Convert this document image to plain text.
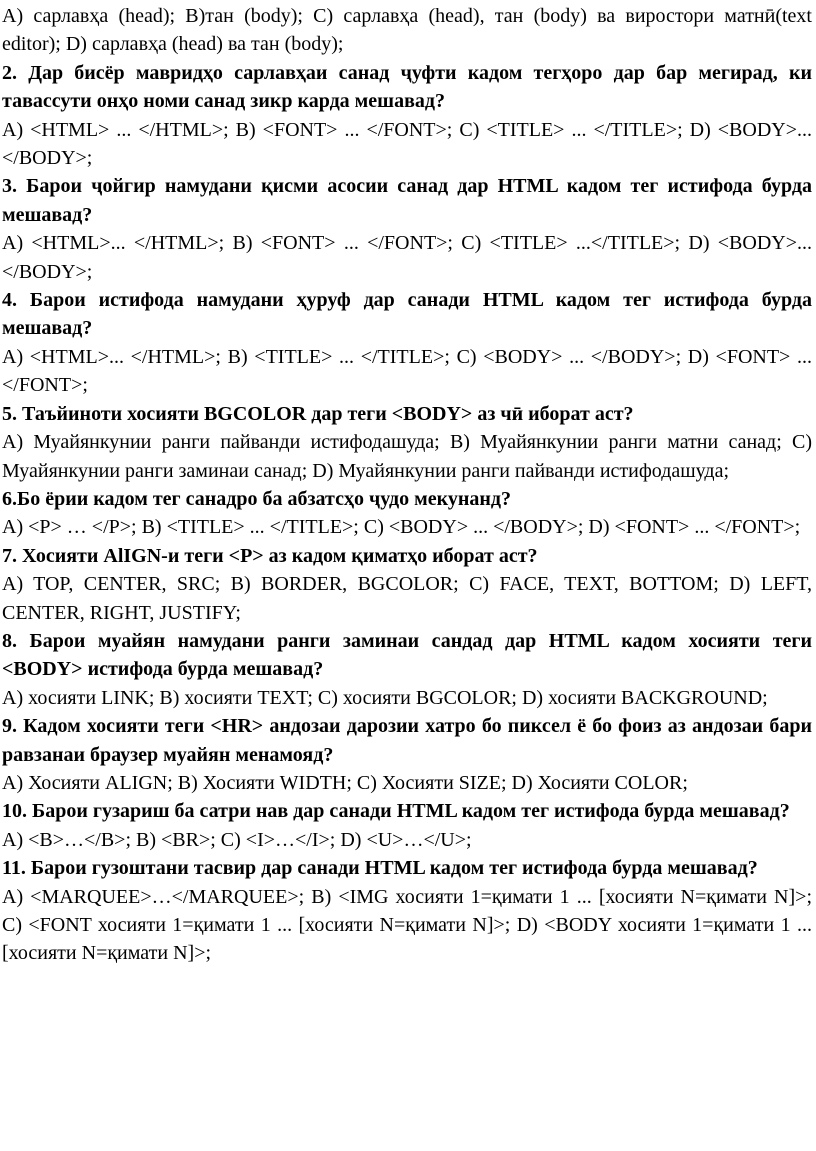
A) сарлавҳа (head); B)тан (body); C) сарлавҳа (head), тан (body) ва виростори матнӣ(text editor); D) сарлавҳа (head) ва тан (body);

2. Дар бисёр мавридҳо сарлавҳаи санад ҷуфти кадом тегҳоро дар бар мегирад, ки тавассути онҳо номи санад зикр карда мешавад?

A) <HTML> ... </HTML>; B) <FONT> ... </FONT>; C) <TITLE> ... </TITLE>; D) <BODY>... </BODY>;

3. Барои ҷойгир намудани қисми асосии санад дар HTML кадом тег истифода бурда мешавад?

A) <HTML>... </HTML>; B) <FONT> ... </FONT>; C) <TITLE> ...</TITLE>; D) <BODY>... </BODY>;

4. Барои истифода намудани ҳуруф дар санади HTML кадом тег истифода бурда мешавад?

A) <HTML>... </HTML>; B) <TITLE> ... </TITLE>; C) <BODY> ... </BODY>; D) <FONT> ... </FONT>;

5. Таъйиноти хосияти BGCOLOR дар теги <BODY> аз чӣ иборат аст?

A) Муайянкунии ранги пайванди истифодашуда; B) Муайянкунии ранги матни санад; C) Муайянкунии ранги заминаи санад; D) Муайянкунии ранги пайванди истифодашуда;

6.Бо ёрии кадом тег санадро ба абзатсҳо ҷудо мекунанд?

A) <P> … </P>; B) <TITLE> ... </TITLE>; C) <BODY> ... </BODY>; D) <FONT> ... </FONT>;

7. Хосияти AlIGN-и теги <P> аз кадом қиматҳо иборат аст?

A) TOP, CENTER, SRC; B) BORDER, BGCOLOR; C) FACE, TEXT, BOTTOM; D) LEFT, CENTER, RIGHT, JUSTIFY;

8. Барои муайян намудани ранги заминаи сандад дар HTML кадом хосияти теги <BODY> истифода бурда мешавад?

A) хосияти LINK; B) хосияти TEXT; C) хосияти BGCOLOR; D) хосияти BACKGROUND;

9. Кадом хосияти теги <HR> андозаи дарозии хатро бо пиксел ё бо фоиз аз андозаи бари равзанаи браузер муайян менамояд?

A) Хосияти ALIGN; B) Хосияти WIDTH; C) Хосияти SIZE; D) Хосияти COLOR;

10. Барои гузариш ба сатри нав дар санади HTML кадом тег истифода бурда мешавад?

A) <B>…</B>; B) <BR>; C) <I>…</I>; D) <U>…</U>;

11. Барои гузоштани тасвир дар санади HTML кадом тег истифода бурда мешавад?

A) <MARQUEE>…</MARQUEE>; B) <IMG хосияти 1=қимати 1 ... [хосияти N=қимати N]>; C) <FONT хосияти 1=қимати 1 ... [хосияти N=қимати N]>; D) <BODY хосияти 1=қимати 1 ... [хосияти N=қимати N]>;
